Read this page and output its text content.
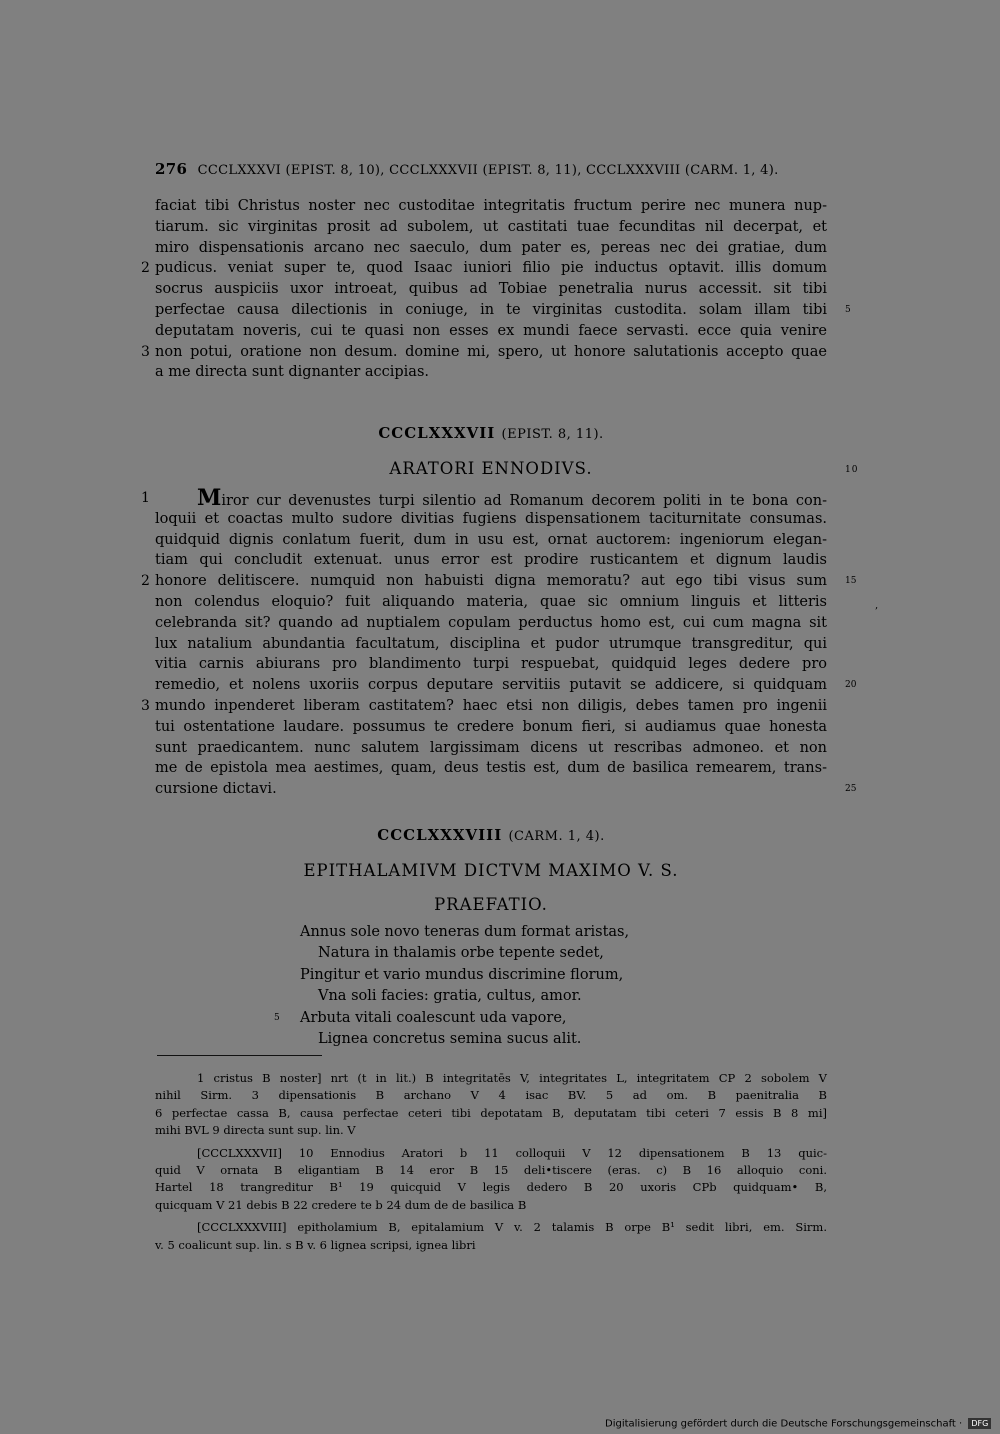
276 CCCLXXXVI (EPIST. 8, 10), CCCLXXXVII (EPIST. 8, 11), CCCLXXXVIII (CARM. 1, 4).
faciat tibi Christus noster nec custoditae integritatis fructum perire nec munera nup-
tiarum. sic virginitas prosit ad subolem, ut castitati tuae fecunditas nil decerpat, et
miro dispensationis arcano nec saeculo, dum pater es, pereas nec dei gratiae, dum
2 pudicus. veniat super te, quod Isaac iuniori filio pie inductus optavit. illis domum
socrus auspiciis uxor introeat, quibus ad Tobiae penetralia nurus accessit. sit tibi
perfectae causa dilectionis in coniuge, in te virginitas custodita. solam illam tibi 5
deputatam noveris, cui te quasi non esses ex mundi faece servasti. ecce quia venire
3 non potui, oratione non desum. domine mi, spero, ut honore salutationis accepto quae
a me directa sunt dignanter accipias.
CCCLXXXVII (EPIST. 8, 11).
ARATORI ENNODIVS.	10
1 Miror cur devenustes turpi silentio ad Romanum decorem politi in te bona con-
loquii et coactas multo sudore divitias fugiens dispensationem taciturnitate consumas.
quidquid dignis conlatum fuerit, dum in usu est, ornat auctorem: ingeniorum elegan-
tiam qui concludit extenuat. unus error est prodire rusticantem et dignum laudis
2 honore delitiscere. numquid non habuisti digna memoratu? aut ego tibi visus sum 15
non colendus eloquio? fuit aliquando materia, quae sic omnium linguis et litteris
celebranda sit? quando ad nuptialem copulam perductus homo est, cui cum magna sit
lux natalium abundantia facultatum, disciplina et pudor utrumque transgreditur, qui
vitia carnis abiurans pro blandimento turpi respuebat, quidquid leges dedere pro
remedio, et nolens uxoriis corpus deputare servitiis putavit se addicere, si quidquam 20
3 mundo inpenderet liberam castitatem? haec etsi non diligis, debes tamen pro ingenii
tui ostentatione laudare. possumus te credere bonum fieri, si audiamus quae honesta
sunt praedicantem. nunc salutem largissimam dicens ut rescribas admoneo. et non
me de epistola mea aestimes, quam, deus testis est, dum de basilica remearem, trans-
cursione dictavi.	25
CCCLXXXVIII (CARM. 1, 4).
EPITHALAMIVM DICTVM MAXIMO V. S.
PRAEFATIO.
Annus sole novo teneras dum format aristas,
Natura in thalamis orbe tepente sedet,
Pingitur et vario mundus discrimine florum,
Vna soli facies: gratia, cultus, amor.
5 Arbuta vitali coalescunt uda vapore,
Lignea concretus semina sucus alit.
1 cristus B noster] nrt (t in lit.) B integritatēs V, integritates L, integritatem CP 2 sobolem V
nihil Sirm. 3 dipensationis B archano V 4 isac BV. 5 ad om. B paenitralia B
6 perfectae cassa B, causa perfectae ceteri tibi depotatam B, deputatam tibi ceteri 7 essis B 8 mi]
mihi BVL 9 directa sunt sup. lin. V
[CCCLXXXVII] 10 Ennodius Aratori b 11 colloquii V 12 dipensationem B 13 quic-
quid V ornata B eligantiam B 14 eror B 15 deli•tiscere (eras. c) B 16 alloquio coni.
Hartel 18 trangreditur B¹ 19 quicquid V legis dedero B 20 uxoris CPb quidquam• B,
quicquam V 21 debis B 22 credere te b 24 dum de de basilica B
[CCCLXXXVIII] epitholamium B, epitalamium V v. 2 talamis B orpe B¹ sedit libri, em. Sirm.
v. 5 coalicunt sup. lin. s B v. 6 lignea scripsi, ignea libri
,
Digitalisierung gefördert durch die Deutsche Forschungsgemeinschaft · DFG
